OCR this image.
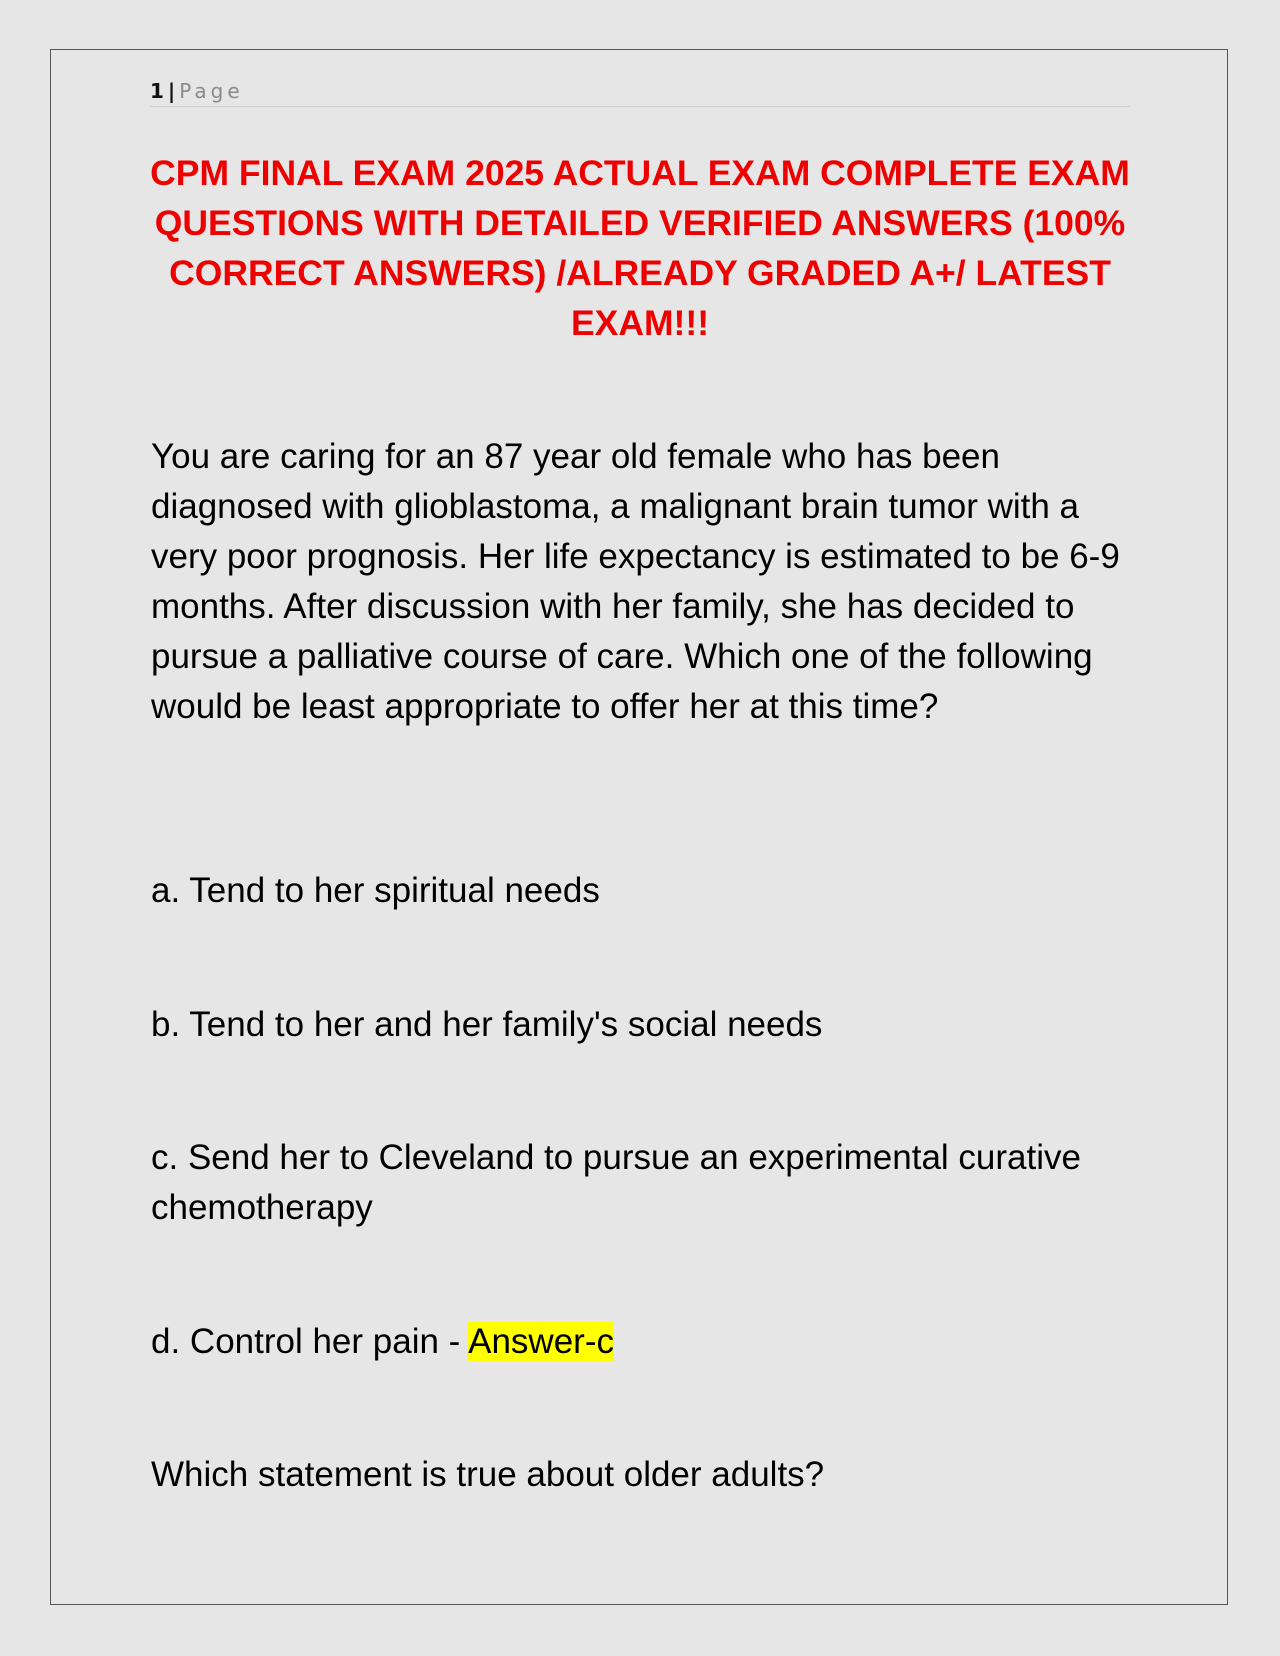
1 | Page
CPM FINAL EXAM 2025 ACTUAL EXAM COMPLETE EXAM QUESTIONS WITH DETAILED VERIFIED ANSWERS (100% CORRECT ANSWERS) /ALREADY GRADED A+/ LATEST EXAM!!!

You are caring for an 87 year old female who has been diagnosed with glioblastoma, a malignant brain tumor with a very poor prognosis. Her life expectancy is estimated to be 6-9 months. After discussion with her family, she has decided to pursue a palliative course of care. Which one of the following would be least appropriate to offer her at this time?

a. Tend to her spiritual needs

b. Tend to her and her family's social needs

c. Send her to Cleveland to pursue an experimental curative chemotherapy

d. Control her pain - Answer-c

Which statement is true about older adults?
